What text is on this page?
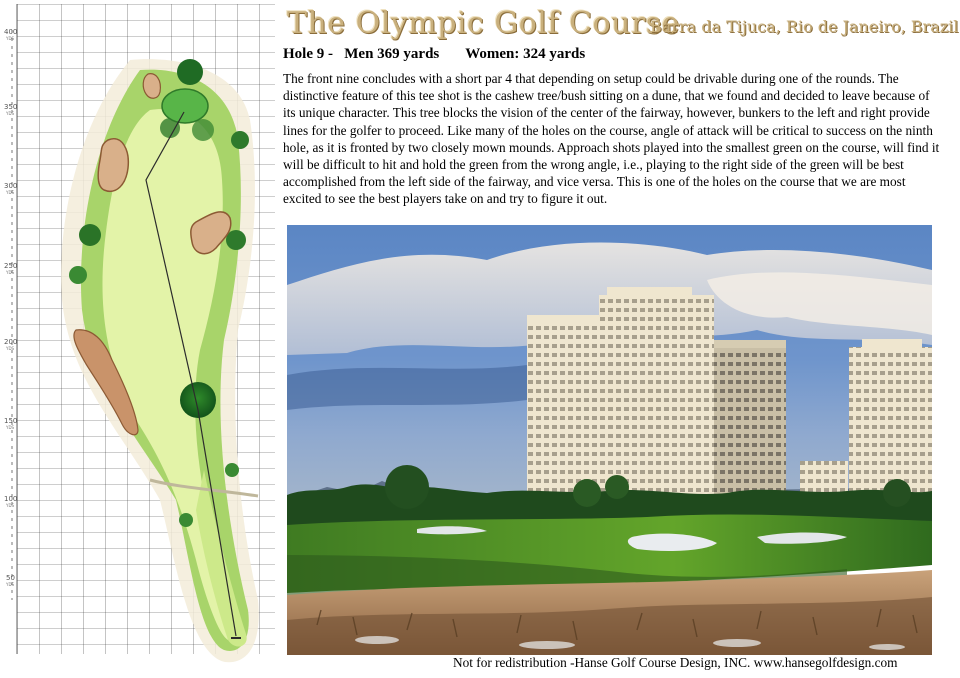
400
350
300
250
200
150
100
50
YDS
YDS
YDS
YDS
YDS
YDS
YDS
YDS
The Olympic Golf Course
Barra da Tijuca, Rio de Janeiro, Brazil
Hole 9 - Men 369 yards Women: 324 yards
The front nine concludes with a short par 4 that depending on setup could be drivable during one of the rounds. The distinctive feature of this tee shot is the cashew tree/bush sitting on a dune, that we found and decided to leave because of its unique character. This tree blocks the vision of the center of the fairway, however, bunkers to the left and right provide lines for the golfer to proceed. Like many of the holes on the course, angle of attack will be critical to success on the ninth hole, as it is fronted by two closely mown mounds. Approach shots played into the smallest green on the course, will find it will be difficult to hit and hold the green from the wrong angle, i.e., playing to the right side of the green will be best accomplished from the left side of the fairway, and vice versa. This is one of the holes on the course that we are most excited to see the best players take on and try to figure it out.
Not for redistribution -Hanse Golf Course Design, INC. www.hansegolfdesign.com
